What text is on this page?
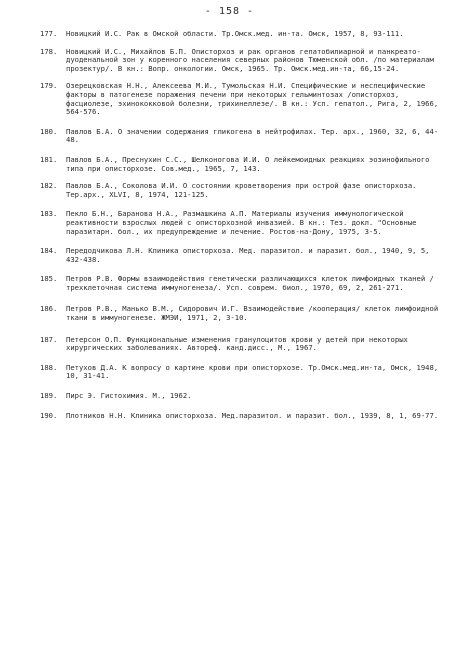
- 158 -
177.	Новицкий И.С. Рак в Омской области. Тр.Омск.мед. ин-та. Омск, 1957, 8, 93-111.
178.	Новицкий И.С., Михайлов Б.П. Описторхоз и рак органов гепатобилиарной и панкреато-дуоденальной зон у коренного населения северных районов Тюменской обл. /по материалам прозектур/. В кн.: Вопр. онкологии. Омск, 1965. Тр. Омск.мед.ин-та, 66,15-24.
179.	Озерецковская Н.Н., Алексеева М.И., Тумольская Н.И. Специфические и неспецифические факторы в патогенезе поражения печени при некоторых гельминтозах /описторхоз, фасциолезе, эхинококковой болезни, трихинеллезе/. В кн.: Усп. гепатол., Рига, 2, 1966, 564-576.
180.	Павлов Б.А. О значении содержания гликогена в нейтрофилах. Тер. арх., 1960, 32, 6, 44-48.
181.	Павлов Б.А., Преснухин С.С., Шелконогова И.И. О лейкемоидных реакциях эозинофильного типа при описторхозе. Сов.мед., 1965, 7, 143.
182.	Павлов Б.А., Соколова И.И. О состоянии кроветворения при острой фазе описторхоза. Тер.арх., ХLVI, 8, 1974, 121-125.
183.	Пекло Б.Н., Баранова Н.А., Размашкина А.П. Материалы изучения иммунологической реактивности взрослых людей с описторхозной инвазией. В кн.: Тез. докл. "Основные паразитарн. бол., их предупреждение и лечение. Ростов-на-Дону, 1975, 3-5.
184.	Передодчикова Л.Н. Клиника описторхоза. Мед. паразитол. и паразит. бол., 1940, 9, 5, 432-438.
185.	Петров Р.В. Формы взаимодействия генетически различающихся клеток лимфоидных тканей /трехклеточная система иммуногенеза/. Усп. соврем. биол., 1970, 69, 2, 261-271.
186.	Петров Р.В., Манько В.М., Сидорович И.Г. Взаимодействие /кооперация/ клеток лимфоидной ткани в иммуногенезе. ЖМЭИ, 1971, 2, 3-10.
187.	Петерсон О.П. Функциональные изменения гранулоцитов крови у детей при некоторых хирургических заболеваниях. Автореф. канд.дисс., М., 1967.
188.	Петухов Д.А. К вопросу о картине крови при описторхозе. Тр.Омск.мед.ин-та, Омск, 1948, 10, 31-41.
189.	Пирс Э. Гистохимия. М., 1962.
190.	Плотников Н.Н. Клиника описторхоза. Мед.паразитол. и паразит. бол., 1939, 8, 1, 69-77.
